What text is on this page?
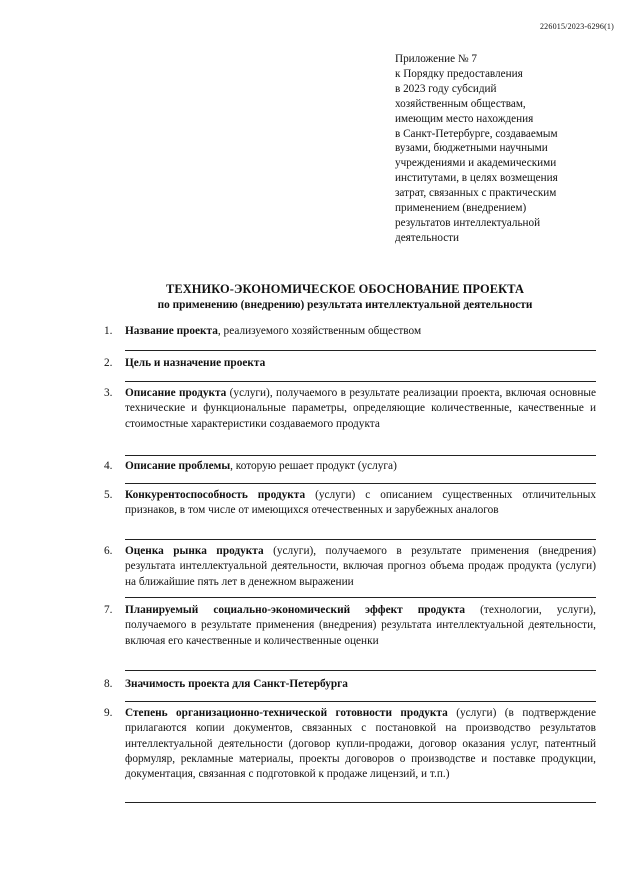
226015/2023-6296(1)
Приложение № 7
к Порядку предоставления
в 2023 году субсидий
хозяйственным обществам,
имеющим место нахождения
в Санкт-Петербурге, создаваемым
вузами, бюджетными научными
учреждениями и академическими
институтами, в целях возмещения
затрат, связанных с практическим
применением (внедрением)
результатов интеллектуальной
деятельности
ТЕХНИКО-ЭКОНОМИЧЕСКОЕ ОБОСНОВАНИЕ ПРОЕКТА
по применению (внедрению) результата интеллектуальной деятельности
1.	Название проекта, реализуемого хозяйственным обществом
2.	Цель и назначение проекта
3.	Описание продукта (услуги), получаемого в результате реализации проекта, включая основные технические и функциональные параметры, определяющие количественные, качественные и стоимостные характеристики создаваемого продукта
4.	Описание проблемы, которую решает продукт (услуга)
5.	Конкурентоспособность продукта (услуги) с описанием существенных отличительных признаков, в том числе от имеющихся отечественных и зарубежных аналогов
6.	Оценка рынка продукта (услуги), получаемого в результате применения (внедрения) результата интеллектуальной деятельности, включая прогноз объема продаж продукта (услуги) на ближайшие пять лет в денежном выражении
7.	Планируемый социально-экономический эффект продукта (технологии, услуги), получаемого в результате применения (внедрения) результата интеллектуальной деятельности, включая его качественные и количественные оценки
8.	Значимость проекта для Санкт-Петербурга
9.	Степень организационно-технической готовности продукта (услуги) (в подтверждение прилагаются копии документов, связанных с постановкой на производство результатов интеллектуальной деятельности (договор купли-продажи, договор оказания услуг, патентный формуляр, рекламные материалы, проекты договоров о производстве и поставке продукции, документация, связанная с подготовкой к продаже лицензий, и т.п.)
